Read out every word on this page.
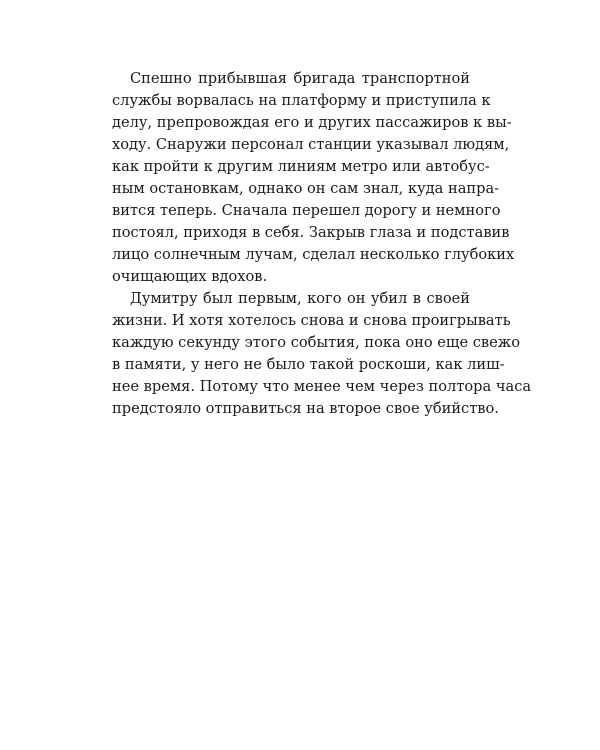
Спешно прибывшая бригада транспортной
службы ворвалась на платформу и приступила к
делу, препровождая его и других пассажиров к вы-
ходу. Снаружи персонал станции указывал людям,
как пройти к другим линиям метро или автобус-
ным остановкам, однако он сам знал, куда напра-
вится теперь. Сначала перешел дорогу и немного
постоял, приходя в себя. Закрыв глаза и подставив
лицо солнечным лучам, сделал несколько глубоких
очищающих вдохов.
Думитру был первым, кого он убил в своей
жизни. И хотя хотелось снова и снова проигрывать
каждую секунду этого события, пока оно еще свежо
в памяти, у него не было такой роскоши, как лиш-
нее время. Потому что менее чем через полтора часа
предстояло отправиться на второе свое убийство.
